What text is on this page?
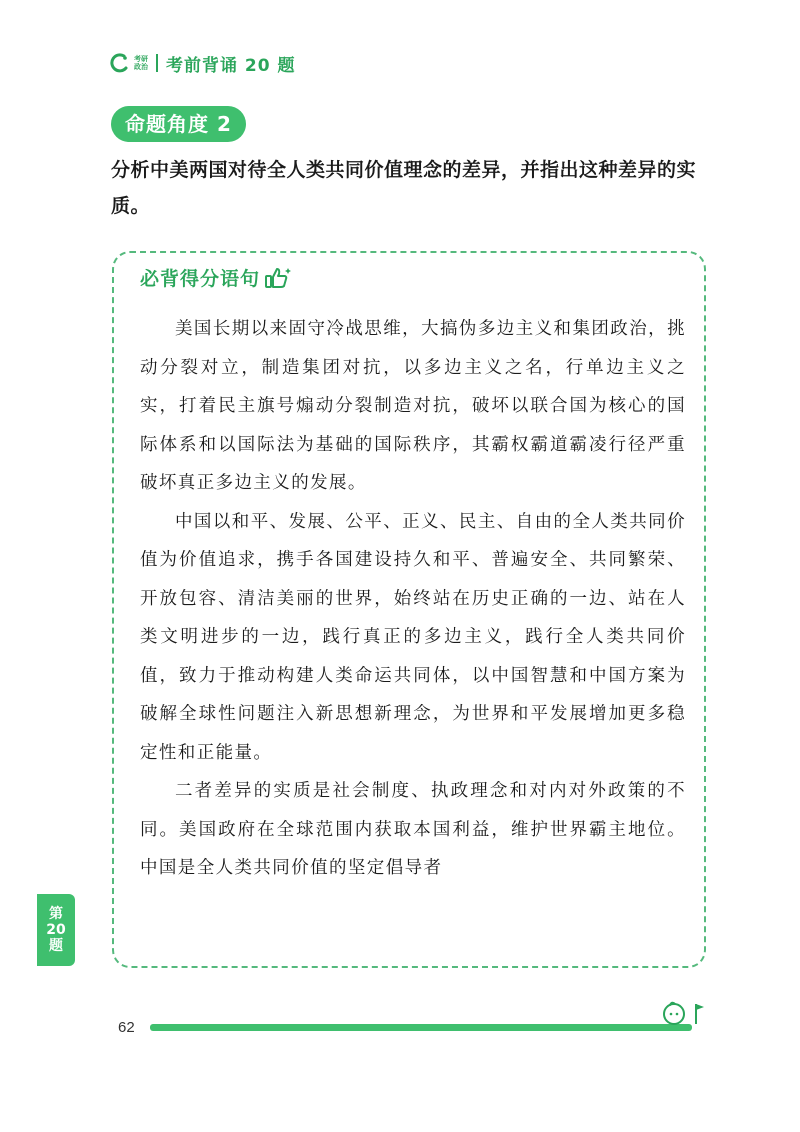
考研
政治 考前背诵 20 题
命题角度 2
分析中美两国对待全人类共同价值理念的差异，并指出这种差异的实质。
必背得分语句

美国长期以来固守冷战思维，大搞伪多边主义和集团政治，挑动分裂对立，制造集团对抗，以多边主义之名，行单边主义之实，打着民主旗号煽动分裂制造对抗，破坏以联合国为核心的国际体系和以国际法为基础的国际秩序，其霸权霸道霸凌行径严重破坏真正多边主义的发展。

中国以和平、发展、公平、正义、民主、自由的全人类共同价值为价值追求，携手各国建设持久和平、普遍安全、共同繁荣、开放包容、清洁美丽的世界，始终站在历史正确的一边、站在人类文明进步的一边，践行真正的多边主义，践行全人类共同价值，致力于推动构建人类命运共同体，以中国智慧和中国方案为破解全球性问题注入新思想新理念，为世界和平发展增加更多稳定性和正能量。

二者差异的实质是社会制度、执政理念和对内对外政策的不同。美国政府在全球范围内获取本国利益，维护世界霸主地位。中国是全人类共同价值的坚定倡导者

第
20
题
62
